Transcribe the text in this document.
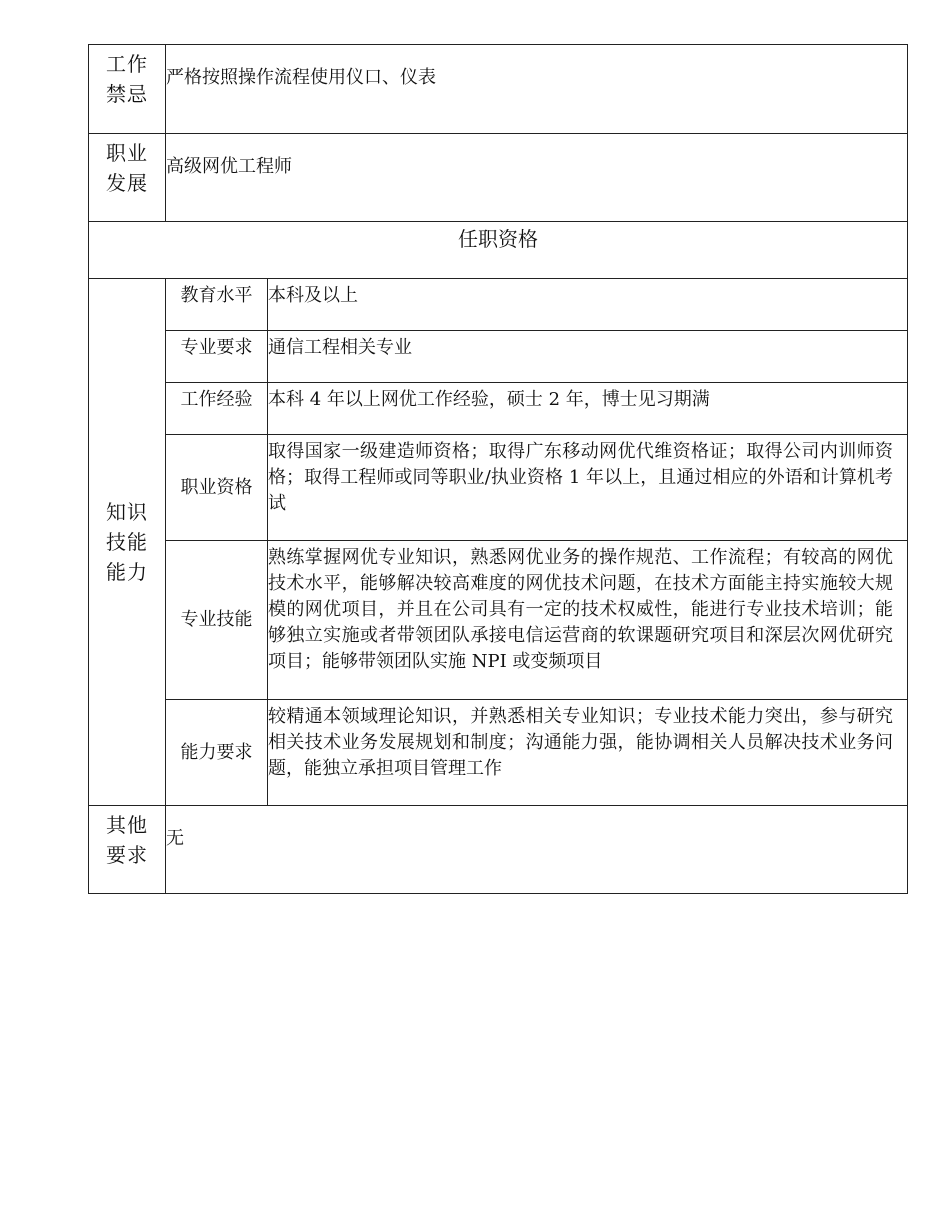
工作
禁忌	严格按照操作流程使用仪口、仪表	

职业
发展	高级网优工程师	
任职资格		

知识
技能
能力	教育水平	本科及以上
	专业要求	通信工程相关专业
	工作经验	本科 4 年以上网优工作经验，硕士 2 年，博士见习期满
	职业资格	取得国家一级建造师资格；取得广东移动网优代维资格证；取得公司内训师资格；取得工程师或同等职业/执业资格 1 年以上，且通过相应的外语和计算机考试
	专业技能	熟练掌握网优专业知识，熟悉网优业务的操作规范、工作流程；有较高的网优技术水平，能够解决较高难度的网优技术问题，在技术方面能主持实施较大规模的网优项目，并且在公司具有一定的技术权威性，能进行专业技术培训；能够独立实施或者带领团队承接电信运营商的软课题研究项目和深层次网优研究项目；能够带领团队实施 NPI 或变频项目
	能力要求	较精通本领域理论知识，并熟悉相关专业知识；专业技术能力突出，参与研究相关技术业务发展规划和制度；沟通能力强，能协调相关人员解决技术业务问题，能独立承担项目管理工作

其他
要求	无	
